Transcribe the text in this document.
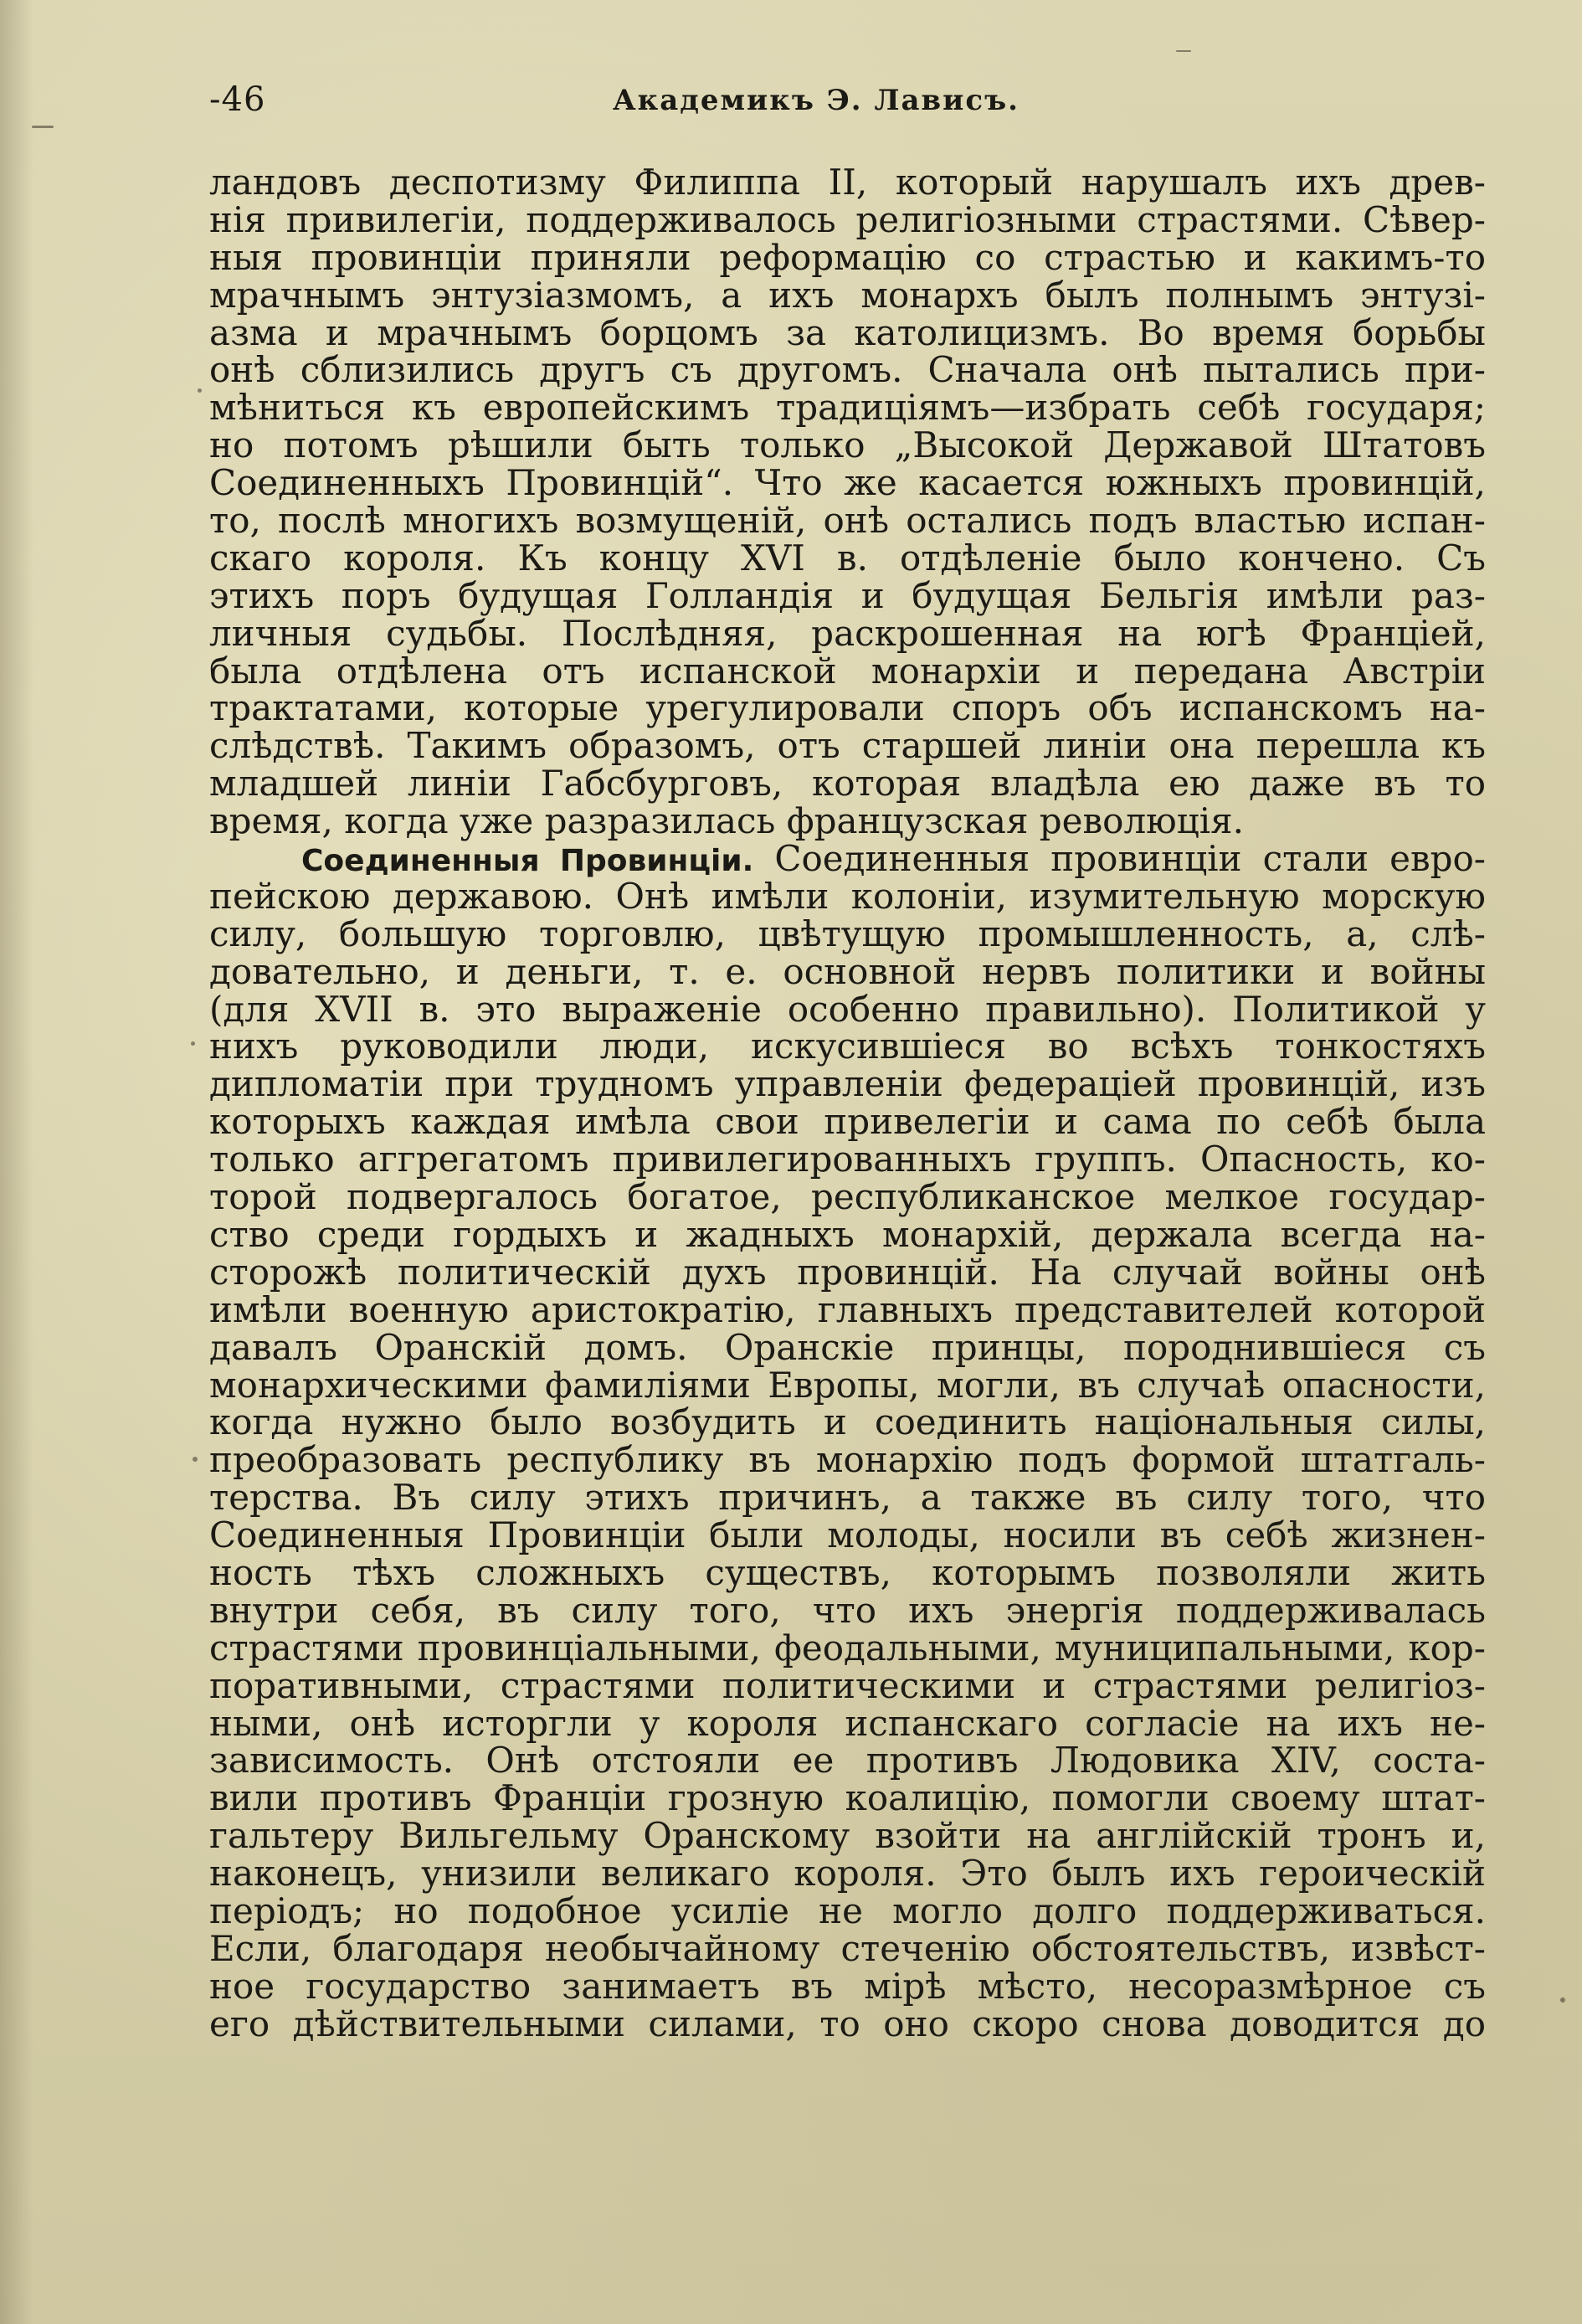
-46	Академикъ Э. Лависъ.
ландовъ деспотизму Филиппа II, который нарушалъ ихъ древ-
нія привилегіи, поддерживалось религіозными страстями. Сѣвер-
ныя провинціи приняли реформацію со страстью и какимъ-то
мрачнымъ энтузіазмомъ, а ихъ монархъ былъ полнымъ энтузі-
азма и мрачнымъ борцомъ за католицизмъ. Во время борьбы
онѣ сблизились другъ съ другомъ. Сначала онѣ пытались при-
мѣниться къ европейскимъ традиціямъ—избрать себѣ государя;
но потомъ рѣшили быть только „Высокой Державой Штатовъ
Соединенныхъ Провинцій“. Что же касается южныхъ провинцій,
то, послѣ многихъ возмущеній, онѣ остались подъ властью испан-
скаго короля. Къ концу XVI в. отдѣленіе было кончено. Съ
этихъ поръ будущая Голландія и будущая Бельгія имѣли раз-
личныя судьбы. Послѣдняя, раскрошенная на югѣ Франціей,
была отдѣлена отъ испанской монархіи и передана Австріи
трактатами, которые урегулировали споръ объ испанскомъ на-
слѣдствѣ. Такимъ образомъ, отъ старшей линіи она перешла къ
младшей линіи Габсбурговъ, которая владѣла ею даже въ то
время, когда уже разразилась французская революція.
Соединенныя Провинціи. Соединенныя провинціи стали евро-
пейскою державою. Онѣ имѣли колоніи, изумительную морскую
силу, большую торговлю, цвѣтущую промышленность, а, слѣ-
довательно, и деньги, т. е. основной нервъ политики и войны
(для XVII в. это выраженіе особенно правильно). Политикой у
нихъ руководили люди, искусившіеся во всѣхъ тонкостяхъ
дипломатіи при трудномъ управленіи федераціей провинцій, изъ
которыхъ каждая имѣла свои привелегіи и сама по себѣ была
только аггрегатомъ привилегированныхъ группъ. Опасность, ко-
торой подвергалось богатое, республиканское мелкое государ-
ство среди гордыхъ и жадныхъ монархій, держала всегда на-
сторожѣ политическій духъ провинцій. На случай войны онѣ
имѣли военную аристократію, главныхъ представителей которой
давалъ Оранскій домъ. Оранскіе принцы, породнившіеся съ
монархическими фамиліями Европы, могли, въ случаѣ опасности,
когда нужно было возбудить и соединить національныя силы,
преобразовать республику въ монархію подъ формой штатгаль-
терства. Въ силу этихъ причинъ, а также въ силу того, что
Соединенныя Провинціи были молоды, носили въ себѣ жизнен-
ность тѣхъ сложныхъ существъ, которымъ позволяли жить
внутри себя, въ силу того, что ихъ энергія поддерживалась
страстями провинціальными, феодальными, муниципальными, кор-
поративными, страстями политическими и страстями религіоз-
ными, онѣ исторгли у короля испанскаго согласіе на ихъ не-
зависимость. Онѣ отстояли ее противъ Людовика XIV, соста-
вили противъ Франціи грозную коалицію, помогли своему штат-
гальтеру Вильгельму Оранскому взойти на англійскій тронъ и,
наконецъ, унизили великаго короля. Это былъ ихъ героическій
періодъ; но подобное усиліе не могло долго поддерживаться.
Если, благодаря необычайному стеченію обстоятельствъ, извѣст-
ное государство занимаетъ въ мірѣ мѣсто, несоразмѣрное съ
его дѣйствительными силами, то оно скоро снова доводится до
